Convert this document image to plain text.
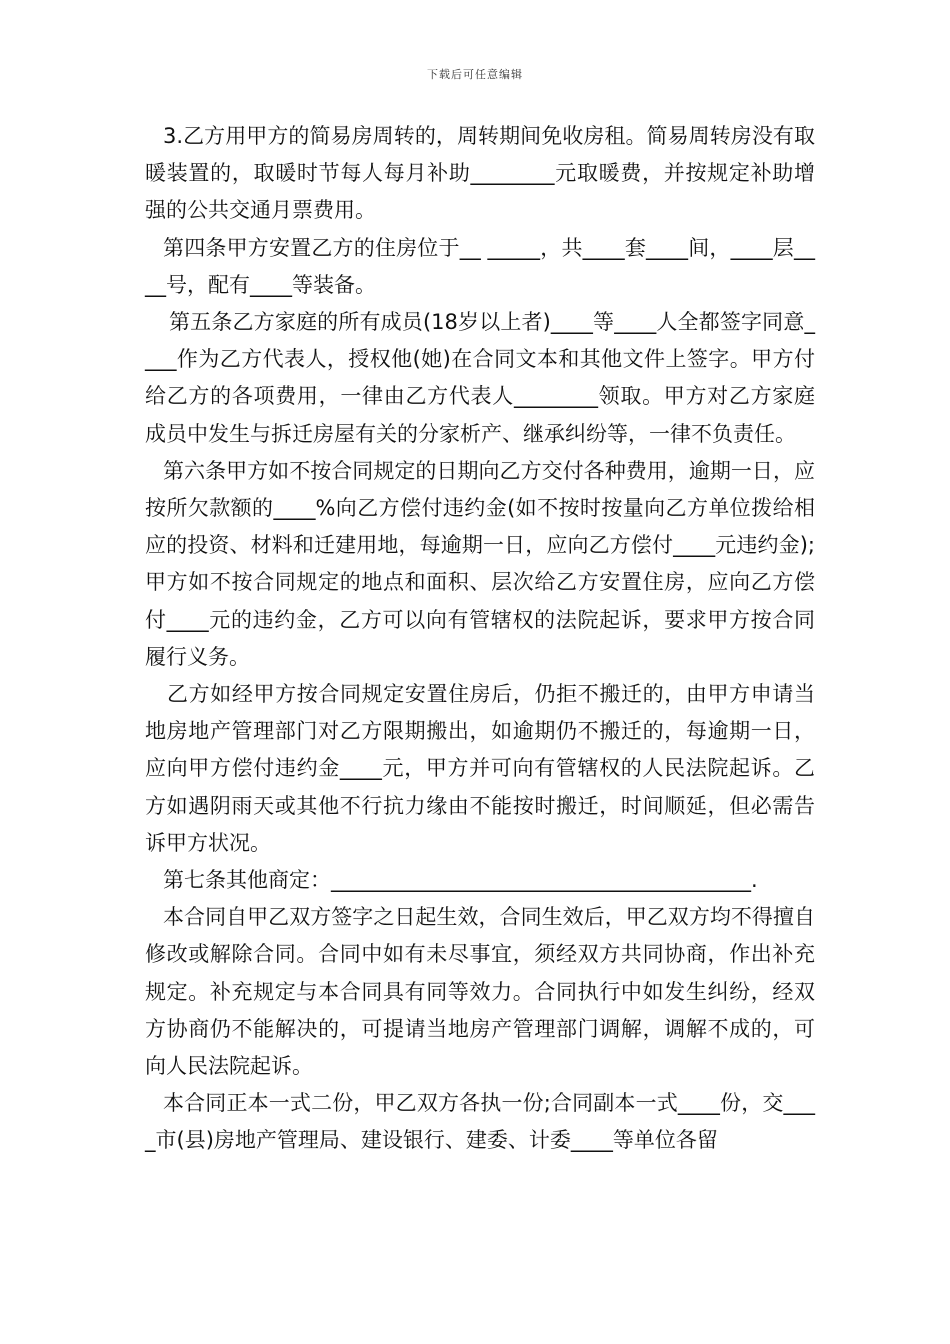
下载后可任意编辑

3.乙方用甲方的简易房周转的，周转期间免收房租。简易周转房没有取暖装置的，取暖时节每人每月补助________元取暖费，并按规定补助增强的公共交通月票费用。

第四条甲方安置乙方的住房位于__ _____，共____套____间，____层____号，配有____等装备。

第五条乙方家庭的所有成员(18岁以上者)____等____人全都签字同意____作为乙方代表人，授权他(她)在合同文本和其他文件上签字。甲方付给乙方的各项费用，一律由乙方代表人________领取。甲方对乙方家庭成员中发生与拆迁房屋有关的分家析产、继承纠纷等，一律不负责任。

第六条甲方如不按合同规定的日期向乙方交付各种费用，逾期一日，应按所欠款额的____%向乙方偿付违约金(如不按时按量向乙方单位拨给相应的投资、材料和迁建用地，每逾期一日，应向乙方偿付____元违约金);甲方如不按合同规定的地点和面积、层次给乙方安置住房，应向乙方偿付____元的违约金，乙方可以向有管辖权的法院起诉，要求甲方按合同履行义务。

乙方如经甲方按合同规定安置住房后，仍拒不搬迁的，由甲方申请当地房地产管理部门对乙方限期搬出，如逾期仍不搬迁的，每逾期一日，应向甲方偿付违约金____元，甲方并可向有管辖权的人民法院起诉。乙方如遇阴雨天或其他不行抗力缘由不能按时搬迁，时间顺延，但必需告诉甲方状况。

第七条其他商定：________________________________________.

本合同自甲乙双方签字之日起生效，合同生效后，甲乙双方均不得擅自修改或解除合同。合同中如有未尽事宜，须经双方共同协商，作出补充规定。补充规定与本合同具有同等效力。合同执行中如发生纠纷，经双方协商仍不能解决的，可提请当地房产管理部门调解，调解不成的，可向人民法院起诉。

本合同正本一式二份，甲乙双方各执一份;合同副本一式____份，交____市(县)房地产管理局、建设银行、建委、计委____等单位各留
